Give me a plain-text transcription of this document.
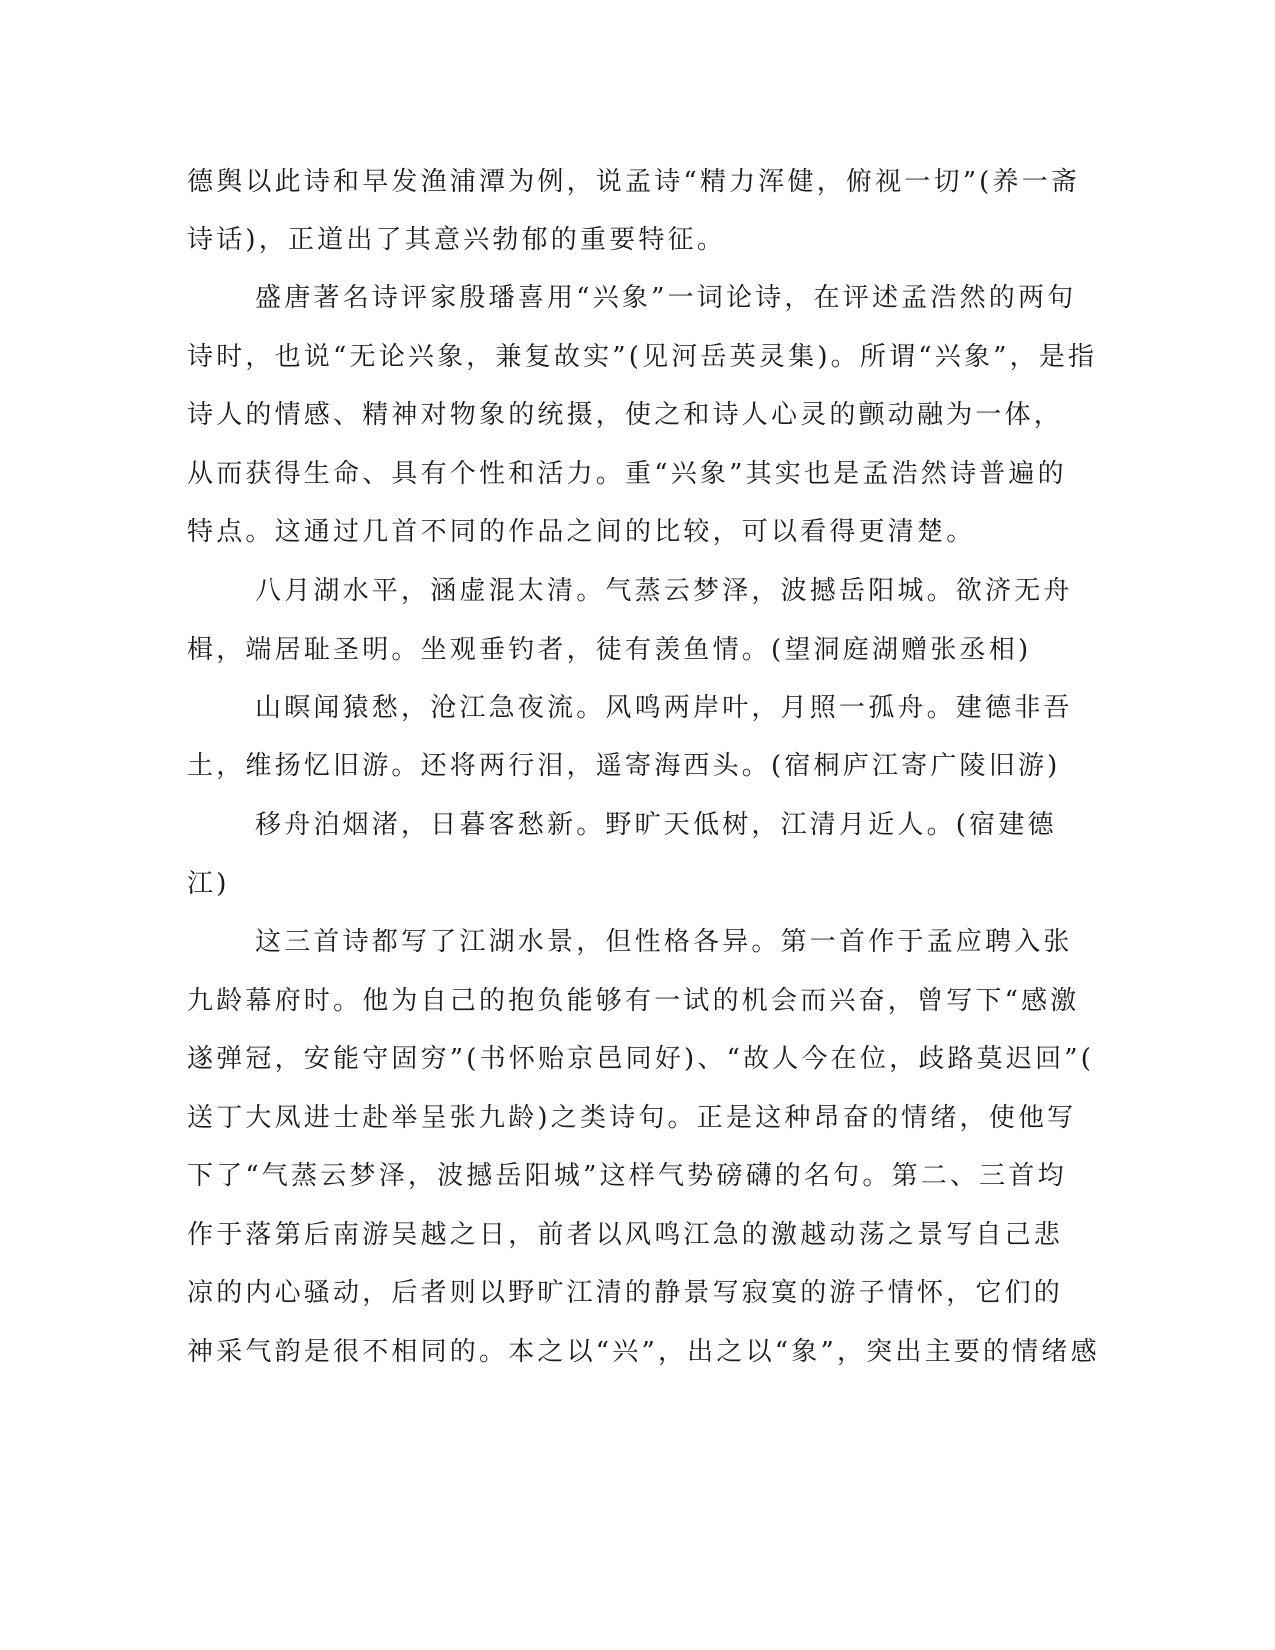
德舆以此诗和早发渔浦潭为例，说孟诗“精力浑健，俯视一切”(养一斋
诗话)，正道出了其意兴勃郁的重要特征。
盛唐著名诗评家殷璠喜用“兴象”一词论诗，在评述孟浩然的两句
诗时，也说“无论兴象，兼复故实”(见河岳英灵集)。所谓“兴象”，是指
诗人的情感、精神对物象的统摄，使之和诗人心灵的颤动融为一体，
从而获得生命、具有个性和活力。重“兴象”其实也是孟浩然诗普遍的
特点。这通过几首不同的作品之间的比较，可以看得更清楚。
八月湖水平，涵虚混太清。气蒸云梦泽，波撼岳阳城。欲济无舟
楫，端居耻圣明。坐观垂钓者，徒有羡鱼情。(望洞庭湖赠张丞相)
山暝闻猿愁，沧江急夜流。风鸣两岸叶，月照一孤舟。建德非吾
土，维扬忆旧游。还将两行泪，遥寄海西头。(宿桐庐江寄广陵旧游)
移舟泊烟渚，日暮客愁新。野旷天低树，江清月近人。(宿建德
江)
这三首诗都写了江湖水景，但性格各异。第一首作于孟应聘入张
九龄幕府时。他为自己的抱负能够有一试的机会而兴奋，曾写下“感激
遂弹冠，安能守固穷”(书怀贻京邑同好)、“故人今在位，歧路莫迟回”(
送丁大凤进士赴举呈张九龄)之类诗句。正是这种昂奋的情绪，使他写
下了“气蒸云梦泽，波撼岳阳城”这样气势磅礴的名句。第二、三首均
作于落第后南游吴越之日，前者以风鸣江急的激越动荡之景写自己悲
凉的内心骚动，后者则以野旷江清的静景写寂寞的游子情怀，它们的
神采气韵是很不相同的。本之以“兴”，出之以“象”，突出主要的情绪感
